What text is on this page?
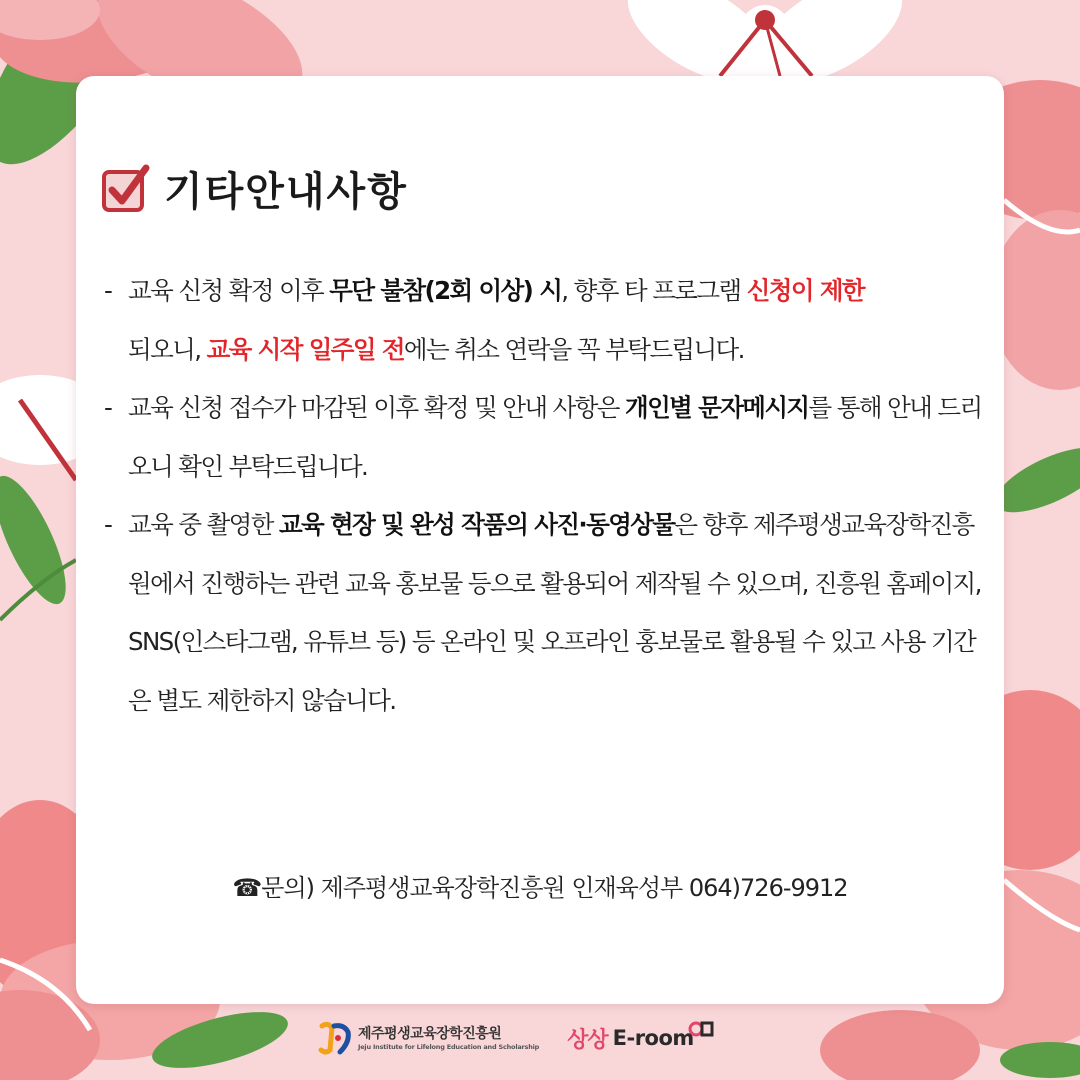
기타안내사항
- 교육 신청 확정 이후 무단 불참(2회 이상) 시, 향후 타 프로그램 신청이 제한
되오니, 교육 시작 일주일 전에는 취소 연락을 꼭 부탁드립니다.
- 교육 신청 접수가 마감된 이후 확정 및 안내 사항은 개인별 문자메시지를 통해 안내 드리오니 확인 부탁드립니다.
- 교육 중 촬영한 교육 현장 및 완성 작품의 사진·동영상물은 향후 제주평생교육장학진흥원에서 진행하는 관련 교육 홍보물 등으로 활용되어 제작될 수 있으며, 진흥원 홈페이지, SNS(인스타그램, 유튜브 등) 등 온라인 및 오프라인 홍보물로 활용될 수 있고 사용 기간은 별도 제한하지 않습니다.
☎문의) 제주평생교육장학진흥원 인재육성부 064)726-9912
제주평생교육장학진흥원
Jeju Institute for Lifelong Education and Scholarship 상상 E-room
